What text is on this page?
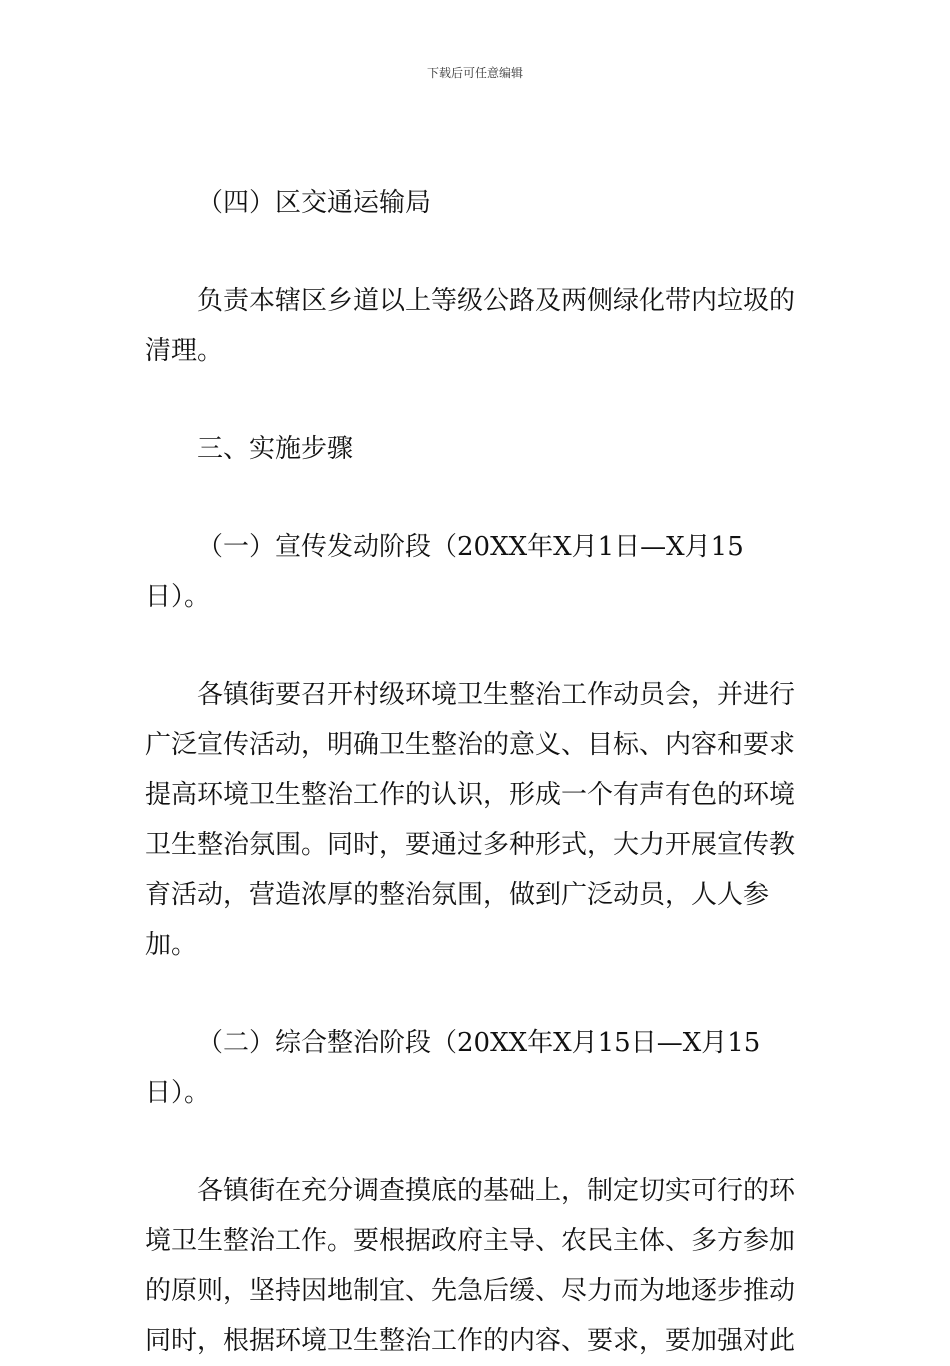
下载后可任意编辑

（四）区交通运输局

负责本辖区乡道以上等级公路及两侧绿化带内垃圾的清理。

三、实施步骤

（一）宣传发动阶段（20XX年X月1日—X月15日）。

各镇街要召开村级环境卫生整治工作动员会，并进行广泛宣传活动，明确卫生整治的意义、目标、内容和要求提高环境卫生整治工作的认识，形成一个有声有色的环境卫生整治氛围。同时，要通过多种形式，大力开展宣传教育活动，营造浓厚的整治氛围，做到广泛动员，人人参加。

（二）综合整治阶段（20XX年X月15日—X月15日）。

各镇街在充分调查摸底的基础上，制定切实可行的环境卫生整治工作。要根据政府主导、农民主体、多方参加的原则，坚持因地制宜、先急后缓、尽力而为地逐步推动同时，根据环境卫生整治工作的内容、要求，要加强对此
